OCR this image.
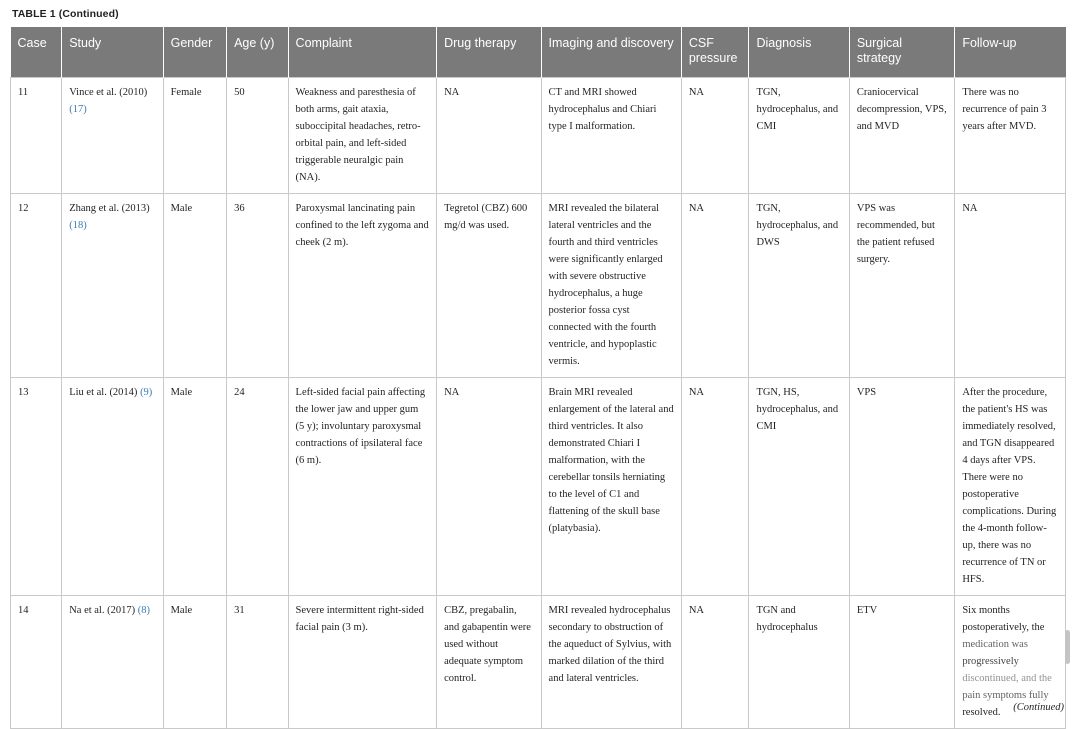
TABLE 1 (Continued)
Case	Study	Gender	Age (y)	Complaint	Drug therapy	Imaging and discovery	CSF pressure	Diagnosis	Surgical strategy	Follow-up
11	Vince et al. (2010) (17)	Female	50	Weakness and paresthesia of both arms, gait ataxia, suboccipital headaches, retro-orbital pain, and left-sided triggerable neuralgic pain (NA).	NA	CT and MRI showed hydrocephalus and Chiari type I malformation.	NA	TGN, hydrocephalus, and CMI	Craniocervical decompression, VPS, and MVD	There was no recurrence of pain 3 years after MVD.
12	Zhang et al. (2013) (18)	Male	36	Paroxysmal lancinating pain confined to the left zygoma and cheek (2 m).	Tegretol (CBZ) 600 mg/d was used.	MRI revealed the bilateral lateral ventricles and the fourth and third ventricles were significantly enlarged with severe obstructive hydrocephalus, a huge posterior fossa cyst connected with the fourth ventricle, and hypoplastic vermis.	NA	TGN, hydrocephalus, and DWS	VPS was recommended, but the patient refused surgery.	NA
13	Liu et al. (2014) (9)	Male	24	Left-sided facial pain affecting the lower jaw and upper gum (5 y); involuntary paroxysmal contractions of ipsilateral face (6 m).	NA	Brain MRI revealed enlargement of the lateral and third ventricles. It also demonstrated Chiari I malformation, with the cerebellar tonsils herniating to the level of C1 and flattening of the skull base (platybasia).	NA	TGN, HS, hydrocephalus, and CMI	VPS	After the procedure, the patient's HS was immediately resolved, and TGN disappeared 4 days after VPS. There were no postoperative complications. During the 4-month follow-up, there was no recurrence of TN or HFS.
14	Na et al. (2017) (8)	Male	31	Severe intermittent right-sided facial pain (3 m).	CBZ, pregabalin, and gabapentin were used without adequate symptom control.	MRI revealed hydrocephalus secondary to obstruction of the aqueduct of Sylvius, with marked dilation of the third and lateral ventricles.	NA	TGN and hydrocephalus	ETV	Six months postoperatively, the medication was progressively discontinued, and the pain symptoms fully resolved. (Continued)
